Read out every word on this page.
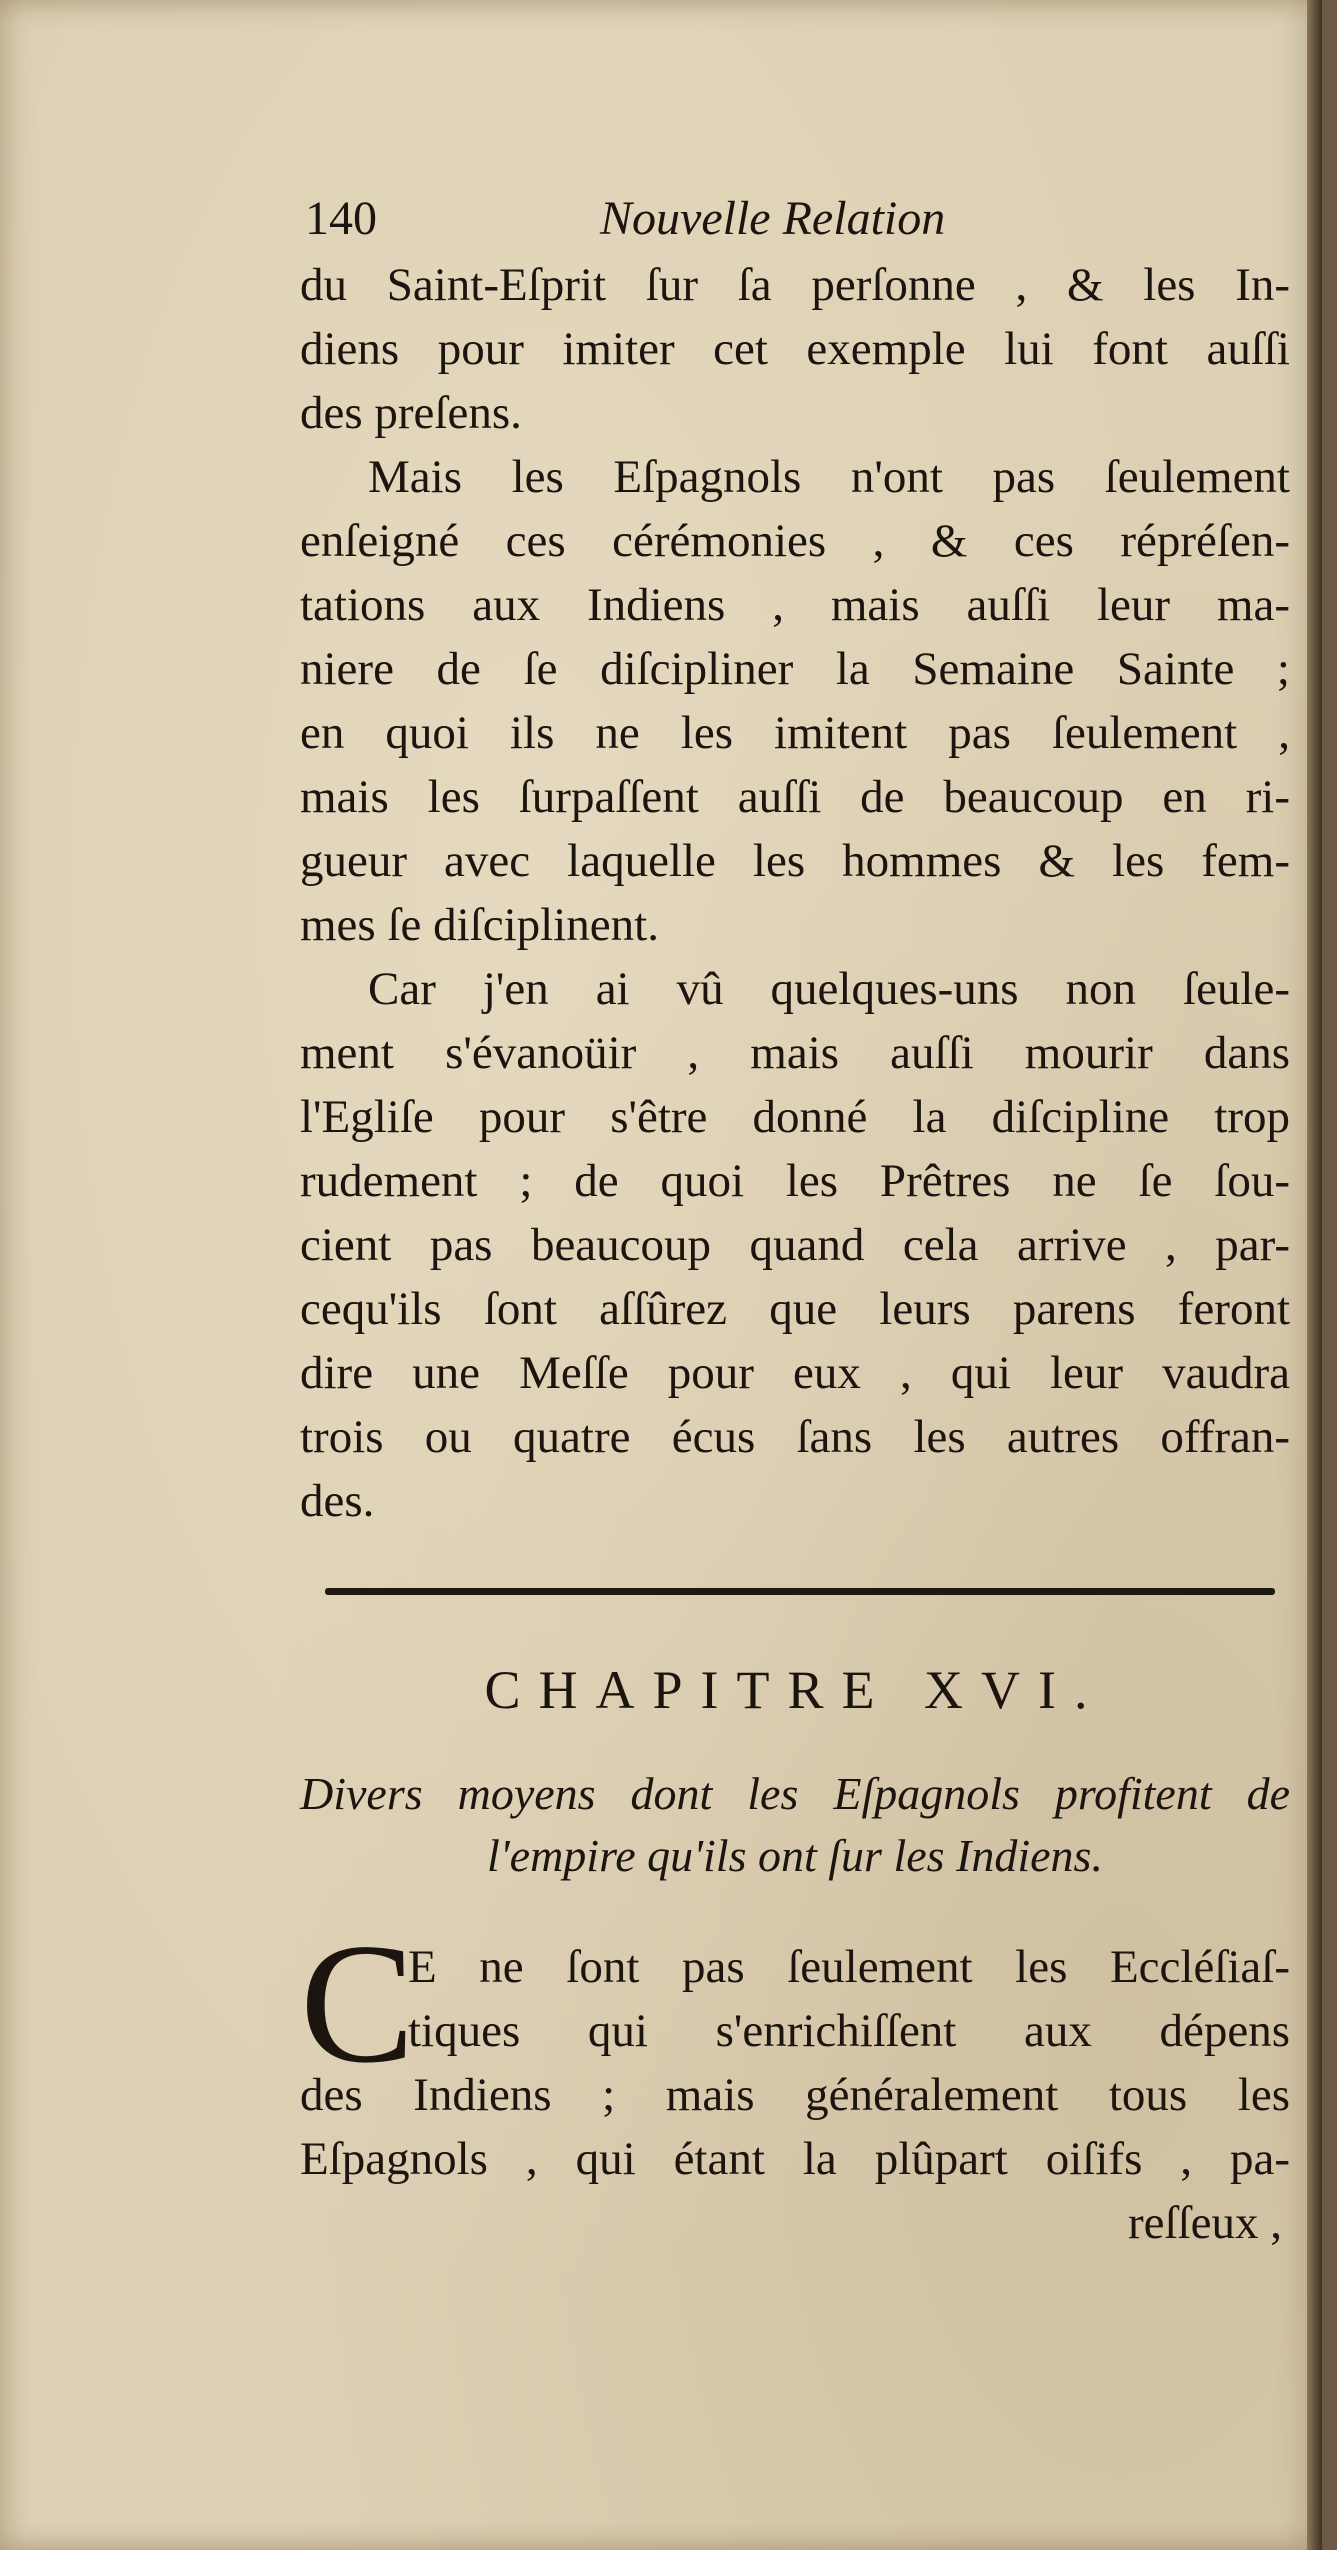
140	Nouvelle Relation
du Saint-Eſprit ſur ſa perſonne , & les In-
diens pour imiter cet exemple lui font auſſi
des preſens.
Mais les Eſpagnols n'ont pas ſeulement
enſeigné ces cérémonies , & ces répréſen-
tations aux Indiens , mais auſſi leur ma-
niere de ſe diſcipliner la Semaine Sainte ;
en quoi ils ne les imitent pas ſeulement ,
mais les ſurpaſſent auſſi de beaucoup en ri-
gueur avec laquelle les hommes & les fem-
mes ſe diſciplinent.
Car j'en ai vû quelques-uns non ſeule-
ment s'évanoüir , mais auſſi mourir dans
l'Egliſe pour s'être donné la diſcipline trop
rudement ; de quoi les Prêtres ne ſe ſou-
cient pas beaucoup quand cela arrive , par-
cequ'ils ſont aſſûrez que leurs parens feront
dire une Meſſe pour eux , qui leur vaudra
trois ou quatre écus ſans les autres offran-
des.
CHAPITRE XVI.
Divers moyens dont les Eſpagnols profitent de
l'empire qu'ils ont ſur les Indiens.
C
E ne ſont pas ſeulement les Eccléſiaſ-
tiques qui s'enrichiſſent aux dépens
des Indiens ; mais généralement tous les
Eſpagnols , qui étant la plûpart oiſifs , pa-
reſſeux ,
